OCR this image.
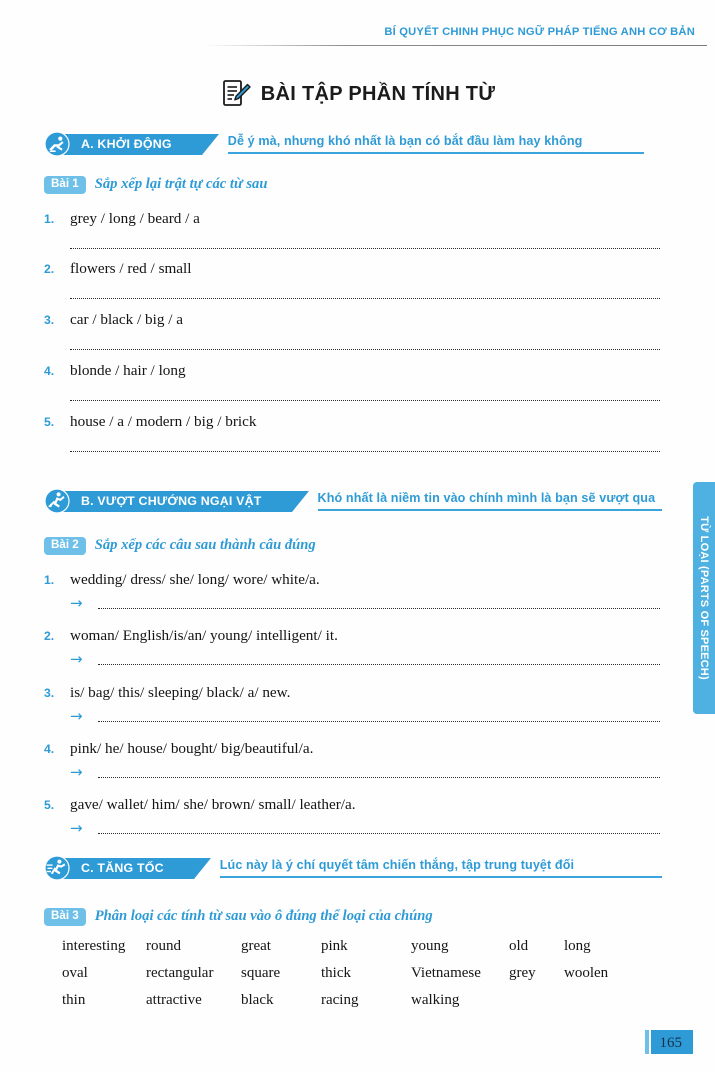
BÍ QUYẾT CHINH PHỤC NGỮ PHÁP TIẾNG ANH CƠ BẢN
BÀI TẬP PHẦN TÍNH TỪ
A. KHỞI ĐỘNG	Dễ ý mà, nhưng khó nhất là bạn có bắt đầu làm hay không
Bài 1	Sắp xếp lại trật tự các từ sau
1.	grey / long / beard / a
2.	flowers / red / small
3.	car / black / big / a
4.	blonde / hair / long
5.	house / a / modern / big / brick
B. VƯỢT CHƯỚNG NGẠI VẬT	Khó nhất là niềm tin vào chính mình là bạn sẽ vượt qua
Bài 2	Sắp xếp các câu sau thành câu đúng
1.	wedding/ dress/ she/ long/ wore/ white/a.
→
2.	woman/ English/is/an/ young/ intelligent/ it.
→
3.	is/ bag/ this/ sleeping/ black/ a/ new.
→
4.	pink/ he/ house/ bought/ big/beautiful/a.
→
5.	gave/ wallet/ him/ she/ brown/ small/ leather/a.
→
C. TĂNG TỐC	Lúc này là ý chí quyết tâm chiến thắng, tập trung tuyệt đối
Bài 3	Phân loại các tính từ sau vào ô đúng thể loại của chúng
interesting	round	great	pink	young	old	long
oval	rectangular	square	thick	Vietnamese	grey	woolen
thin	attractive	black	racing	walking
TỪ LOẠI (PARTS OF SPEECH)
165
